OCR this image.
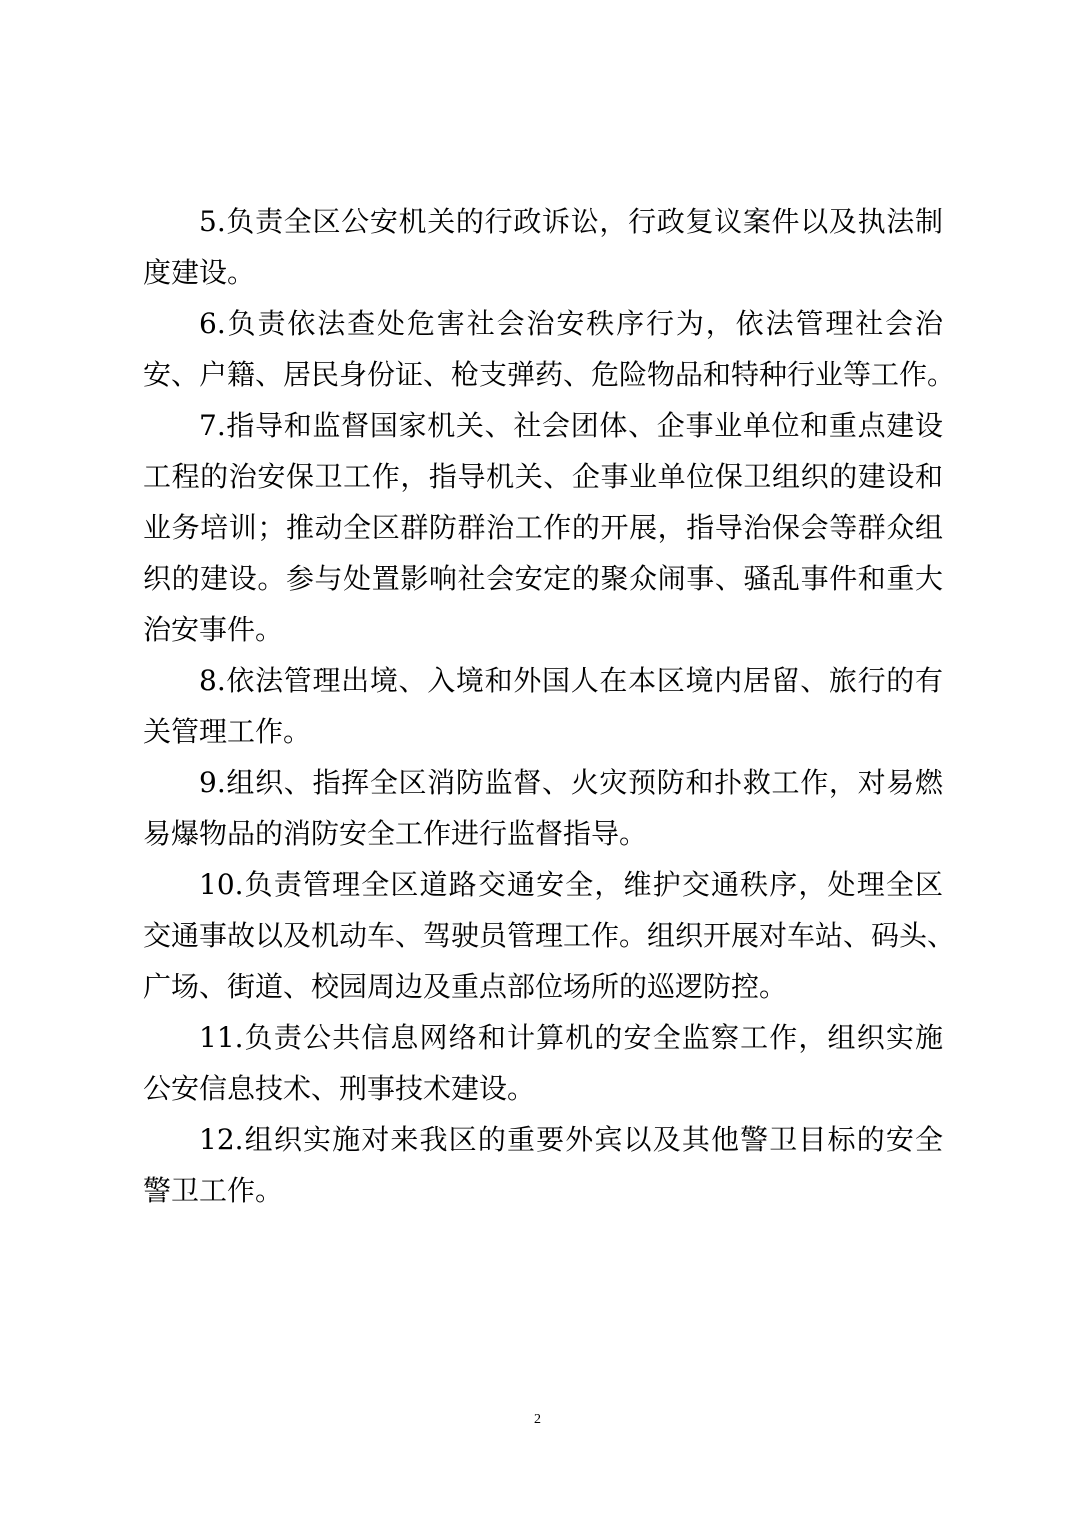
5.负责全区公安机关的行政诉讼，行政复议案件以及执法制
度建设。
6.负责依法查处危害社会治安秩序行为，依法管理社会治
安、户籍、居民身份证、枪支弹药、危险物品和特种行业等工作。
7.指导和监督国家机关、社会团体、企事业单位和重点建设
工程的治安保卫工作，指导机关、企事业单位保卫组织的建设和
业务培训；推动全区群防群治工作的开展，指导治保会等群众组
织的建设。参与处置影响社会安定的聚众闹事、骚乱事件和重大
治安事件。
8.依法管理出境、入境和外国人在本区境内居留、旅行的有
关管理工作。
9.组织、指挥全区消防监督、火灾预防和扑救工作，对易燃
易爆物品的消防安全工作进行监督指导。
10.负责管理全区道路交通安全，维护交通秩序，处理全区
交通事故以及机动车、驾驶员管理工作。组织开展对车站、码头、
广场、街道、校园周边及重点部位场所的巡逻防控。
11.负责公共信息网络和计算机的安全监察工作，组织实施
公安信息技术、刑事技术建设。
12.组织实施对来我区的重要外宾以及其他警卫目标的安全
警卫工作。
2
